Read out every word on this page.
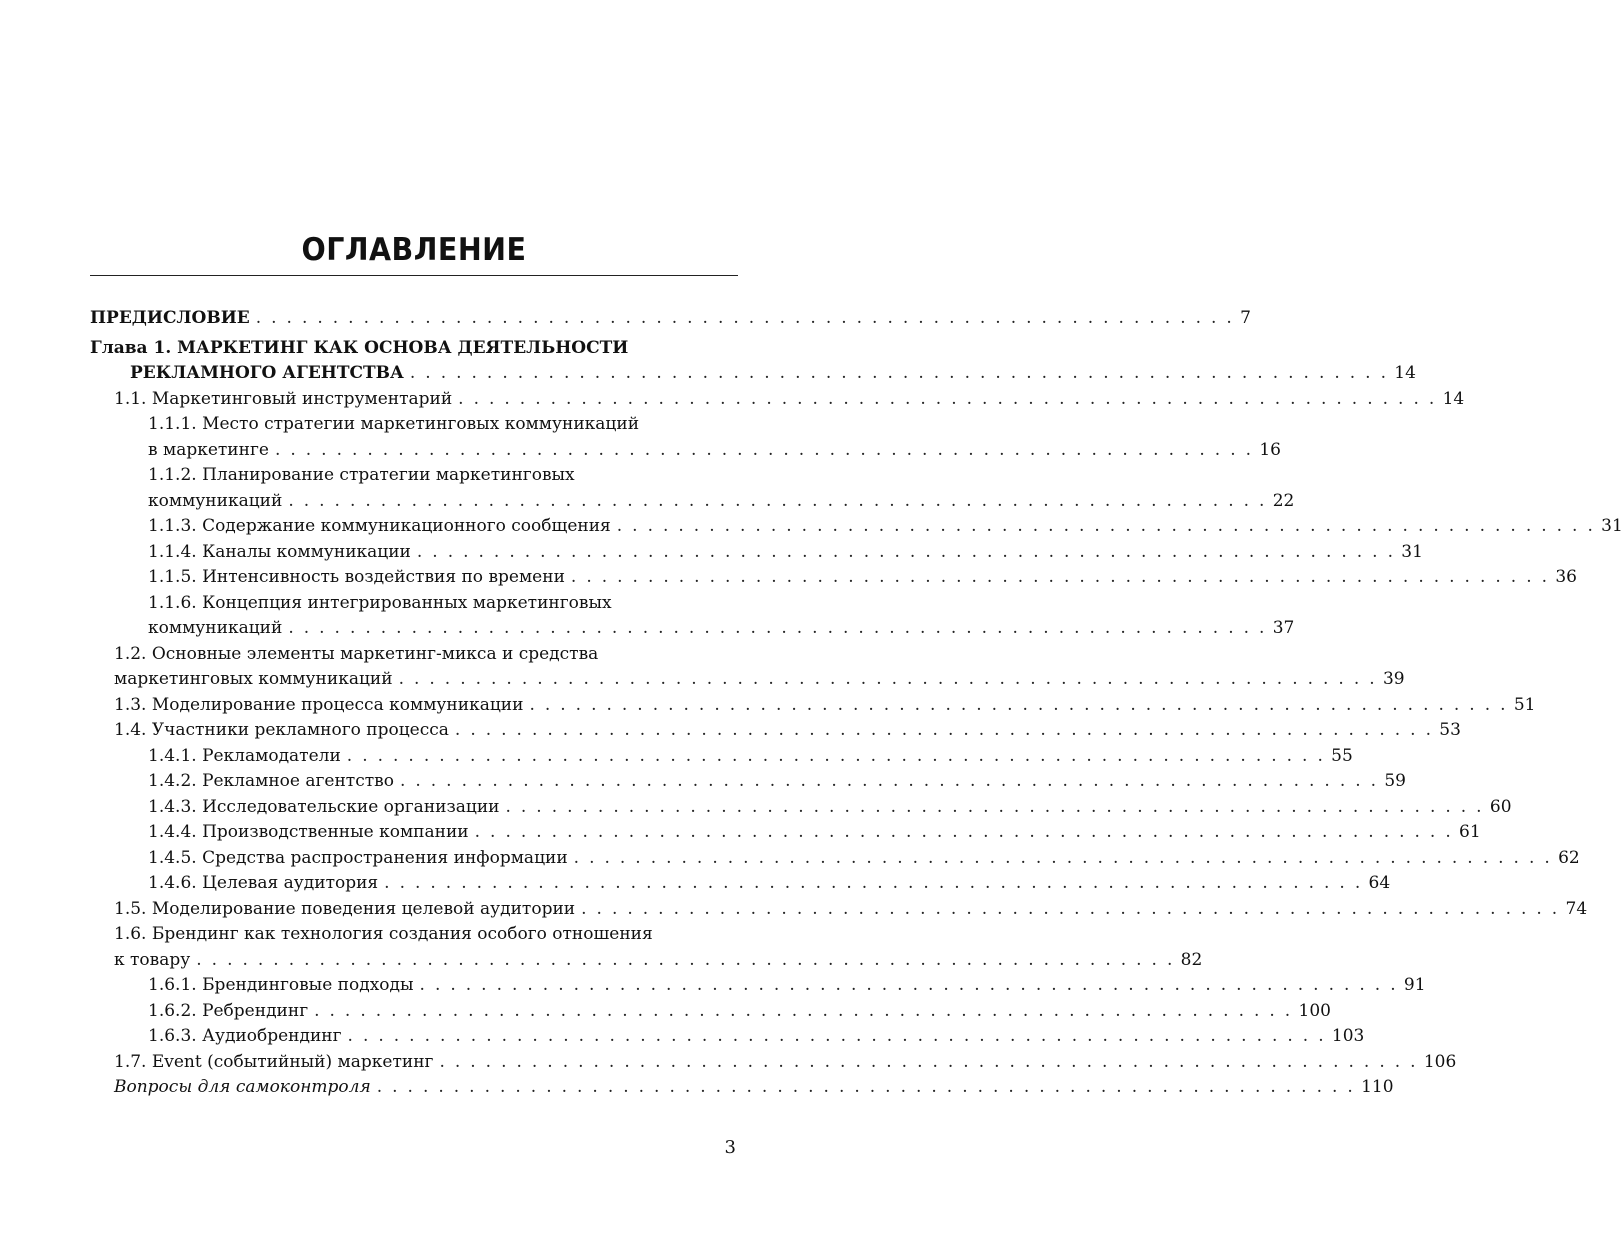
ОГЛАВЛЕНИЕ
ПРЕДИСЛОВИЕ . . . . . . . . . . . . . . . . . . . . . . . . . . . . . . . . . . . . . . . . . . . . . . . . . . . . . . . . . . . . . . . . 7
Глава 1. МАРКЕТИНГ КАК ОСНОВА ДЕЯТЕЛЬНОСТИ
РЕКЛАМНОГО АГЕНТСТВА . . . . . . . . . . . . . . . . . . . . . . . . . . . . . . . . . . . . . . . . . . . . . . . . . . . . . . . . . . . . . . . . 14
1.1. Маркетинговый инструментарий . . . . . . . . . . . . . . . . . . . . . . . . . . . . . . . . . . . . . . . . . . . . . . . . . . . . . . . . . . . . . . . . 14
1.1.1. Место стратегии маркетинговых коммуникаций
в маркетинге . . . . . . . . . . . . . . . . . . . . . . . . . . . . . . . . . . . . . . . . . . . . . . . . . . . . . . . . . . . . . . . . 16
1.1.2. Планирование стратегии маркетинговых
коммуникаций . . . . . . . . . . . . . . . . . . . . . . . . . . . . . . . . . . . . . . . . . . . . . . . . . . . . . . . . . . . . . . . . 22
1.1.3. Содержание коммуникационного сообщения . . . . . . . . . . . . . . . . . . . . . . . . . . . . . . . . . . . . . . . . . . . . . . . . . . . . . . . . . . . . . . . . 31
1.1.4. Каналы коммуникации . . . . . . . . . . . . . . . . . . . . . . . . . . . . . . . . . . . . . . . . . . . . . . . . . . . . . . . . . . . . . . . . 31
1.1.5. Интенсивность воздействия по времени . . . . . . . . . . . . . . . . . . . . . . . . . . . . . . . . . . . . . . . . . . . . . . . . . . . . . . . . . . . . . . . . 36
1.1.6. Концепция интегрированных маркетинговых
коммуникаций . . . . . . . . . . . . . . . . . . . . . . . . . . . . . . . . . . . . . . . . . . . . . . . . . . . . . . . . . . . . . . . . 37
1.2. Основные элементы маркетинг-микса и средства
маркетинговых коммуникаций . . . . . . . . . . . . . . . . . . . . . . . . . . . . . . . . . . . . . . . . . . . . . . . . . . . . . . . . . . . . . . . . 39
1.3. Моделирование процесса коммуникации . . . . . . . . . . . . . . . . . . . . . . . . . . . . . . . . . . . . . . . . . . . . . . . . . . . . . . . . . . . . . . . . 51
1.4. Участники рекламного процесса . . . . . . . . . . . . . . . . . . . . . . . . . . . . . . . . . . . . . . . . . . . . . . . . . . . . . . . . . . . . . . . . 53
1.4.1. Рекламодатели . . . . . . . . . . . . . . . . . . . . . . . . . . . . . . . . . . . . . . . . . . . . . . . . . . . . . . . . . . . . . . . . 55
1.4.2. Рекламное агентство . . . . . . . . . . . . . . . . . . . . . . . . . . . . . . . . . . . . . . . . . . . . . . . . . . . . . . . . . . . . . . . . 59
1.4.3. Исследовательские организации . . . . . . . . . . . . . . . . . . . . . . . . . . . . . . . . . . . . . . . . . . . . . . . . . . . . . . . . . . . . . . . . 60
1.4.4. Производственные компании . . . . . . . . . . . . . . . . . . . . . . . . . . . . . . . . . . . . . . . . . . . . . . . . . . . . . . . . . . . . . . . . 61
1.4.5. Средства распространения информации . . . . . . . . . . . . . . . . . . . . . . . . . . . . . . . . . . . . . . . . . . . . . . . . . . . . . . . . . . . . . . . . 62
1.4.6. Целевая аудитория . . . . . . . . . . . . . . . . . . . . . . . . . . . . . . . . . . . . . . . . . . . . . . . . . . . . . . . . . . . . . . . . 64
1.5. Моделирование поведения целевой аудитории . . . . . . . . . . . . . . . . . . . . . . . . . . . . . . . . . . . . . . . . . . . . . . . . . . . . . . . . . . . . . . . . 74
1.6. Брендинг как технология создания особого отношения
к товару . . . . . . . . . . . . . . . . . . . . . . . . . . . . . . . . . . . . . . . . . . . . . . . . . . . . . . . . . . . . . . . . 82
1.6.1. Брендинговые подходы . . . . . . . . . . . . . . . . . . . . . . . . . . . . . . . . . . . . . . . . . . . . . . . . . . . . . . . . . . . . . . . . 91
1.6.2. Ребрендинг . . . . . . . . . . . . . . . . . . . . . . . . . . . . . . . . . . . . . . . . . . . . . . . . . . . . . . . . . . . . . . . . 100
1.6.3. Аудиобрендинг . . . . . . . . . . . . . . . . . . . . . . . . . . . . . . . . . . . . . . . . . . . . . . . . . . . . . . . . . . . . . . . . 103
1.7. Event (событийный) маркетинг . . . . . . . . . . . . . . . . . . . . . . . . . . . . . . . . . . . . . . . . . . . . . . . . . . . . . . . . . . . . . . . . 106
Вопросы для самоконтроля . . . . . . . . . . . . . . . . . . . . . . . . . . . . . . . . . . . . . . . . . . . . . . . . . . . . . . . . . . . . . . . . 110
3
